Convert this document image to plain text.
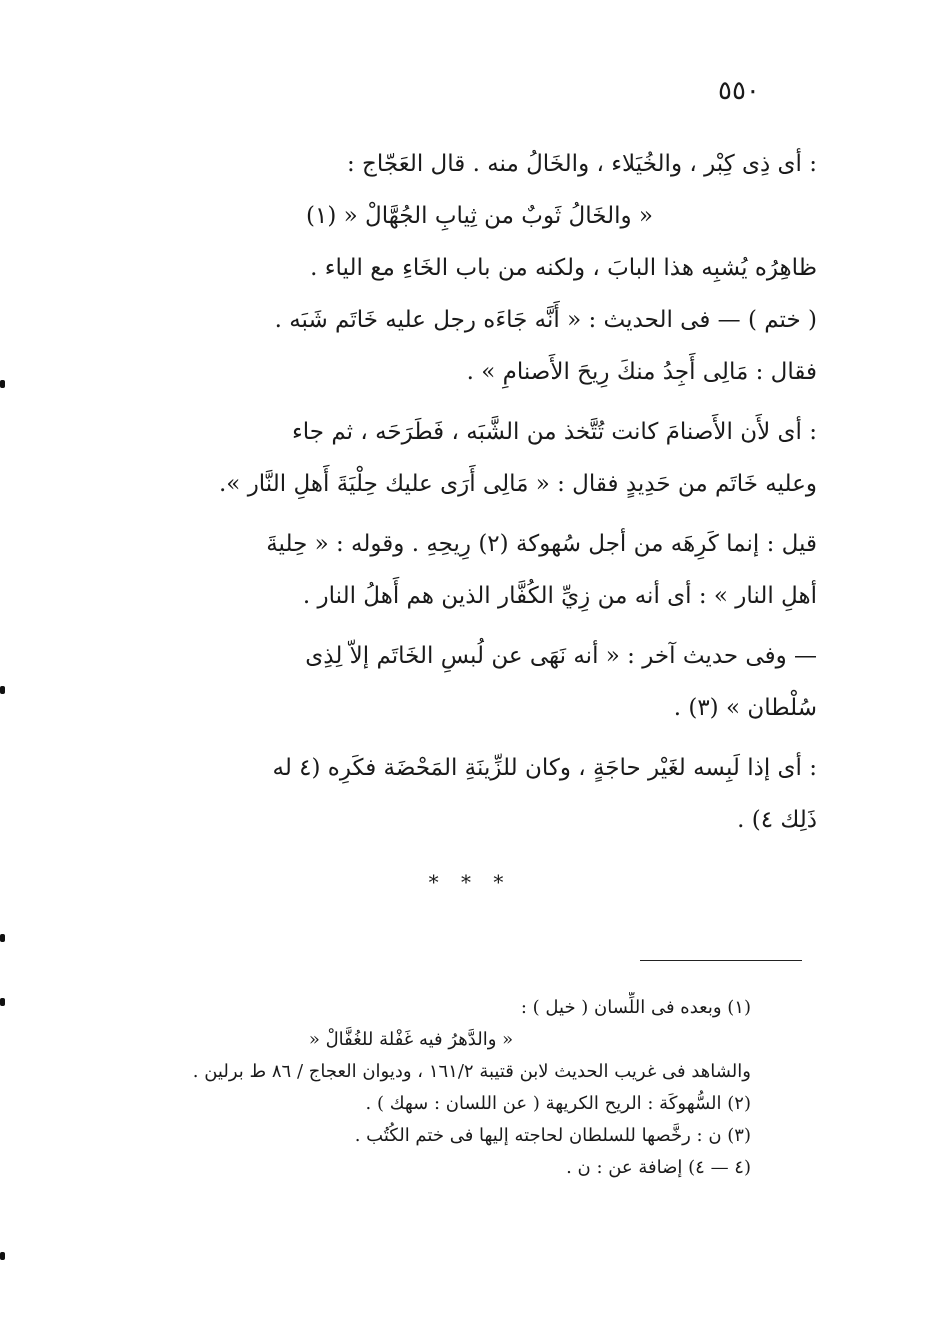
٥٥٠
: أى ذِى كِبْر ، والخُيَلاء ، والخَالُ منه . قال العَجّاج :
« والخَالُ ثَوبٌ من ثِيابِ الجُهَّالْ « (١)
ظاهِرُه يُشبِه هذا البابَ ، ولكنه من باب الخَاءِ مع الياء .
( ختم ) — فى الحديث : « أَنَّه جَاءَه رجل عليه خَاتَم شَبَه .
فقال : مَالِى أَجِدُ منكَ رِيحَ الأَصنامِ » .
: أى لأَن الأَصنامَ كانت تُتَّخذ من الشَّبَه ، فَطَرَحَه ، ثم جاء
وعليه خَاتَم من حَدِيدٍ فقال : « مَالِى أَرَى عليك حِلْيَةَ أَهلِ النَّار ».
قيل : إنما كَرِهَه من أجل سُهوكة (٢) رِيحِهِ . وقوله : « حِليةَ
أهلِ النار » : أى أنه من زِيِّ الكُفَّار الذين هم أَهلُ النار .
— وفى حديث آخر : « أنه نَهَى عن لُبسِ الخَاتَم إلاّ لِذِى
سُلْطان » (٣) .
: أى إذا لَبِسه لغَيْر حاجَةٍ ، وكان للزِّينَةِ المَحْضَة فكَرِه (٤ له
ذَلِك ٤) .
* * *
(١) وبعده فى اللِّسان ( خيل ) :
« والدَّهرُ فيه غَفْلة للغُفَّالْ «
والشاهد فى غريب الحديث لابن قتيبة ١٦١/٢ ، وديوان العجاج / ٨٦ ط برلين .
(٢) السُّهوكَة : الريح الكريهة ( عن اللسان : سهك ) .
(٣) ن : رخَّصها للسلطان لحاجته إليها فى ختم الكُتُب .
(٤ — ٤) إضافة عن : ن .
